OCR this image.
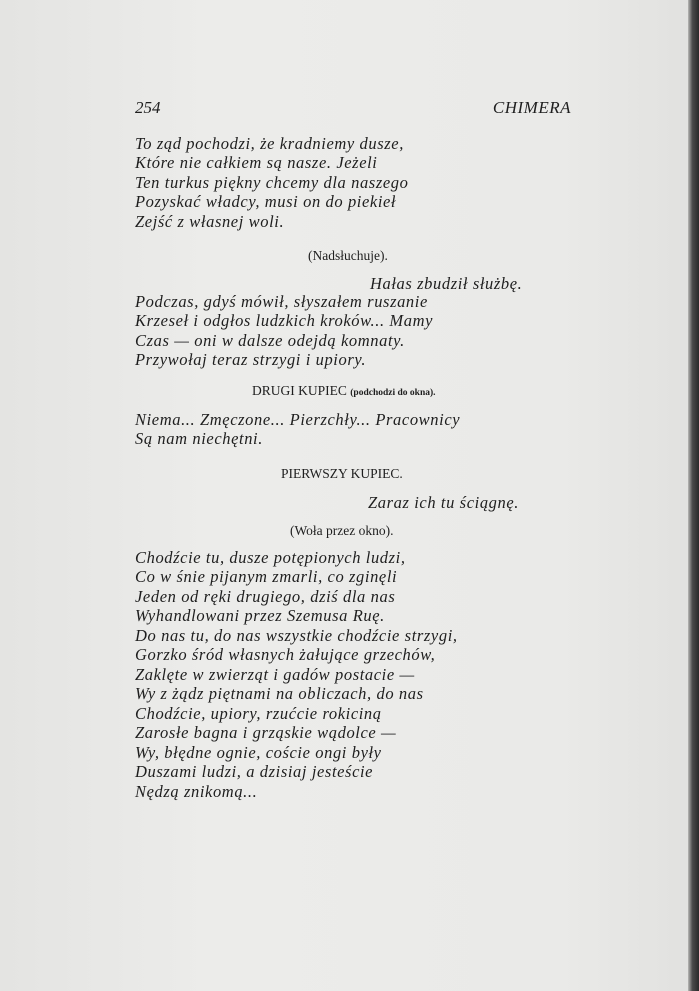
254	CHIMERA
To ząd pochodzi, że kradniemy dusze,
Które nie całkiem są nasze. Jeżeli
Ten turkus piękny chcemy dla naszego
Pozyskać władcy, musi on do piekieł
Zejść z własnej woli.
(Nadsłuchuje).
Hałas zbudził służbę.
Podczas, gdyś mówił, słyszałem ruszanie
Krzeseł i odgłos ludzkich kroków... Mamy
Czas — oni w dalsze odejdą komnaty.
Przywołaj teraz strzygi i upiory.
DRUGI KUPIEC (podchodzi do okna).
Niema... Zmęczone... Pierzchły... Pracownicy
Są nam niechętni.
PIERWSZY KUPIEC.
Zaraz ich tu ściągnę.
(Woła przez okno).
Chodźcie tu, dusze potępionych ludzi,
Co w śnie pijanym zmarli, co zginęli
Jeden od ręki drugiego, dziś dla nas
Wyhandlowani przez Szemusa Ruę.
Do nas tu, do nas wszystkie chodźcie strzygi,
Gorzko śród własnych żałujące grzechów,
Zaklęte w zwierząt i gadów postacie —
Wy z żądz piętnami na obliczach, do nas
Chodźcie, upiory, rzućcie rokiciną
Zarosłe bagna i grząskie wądolce —
Wy, błędne ognie, coście ongi były
Duszami ludzi, a dzisiaj jesteście
Nędzą znikomą...
